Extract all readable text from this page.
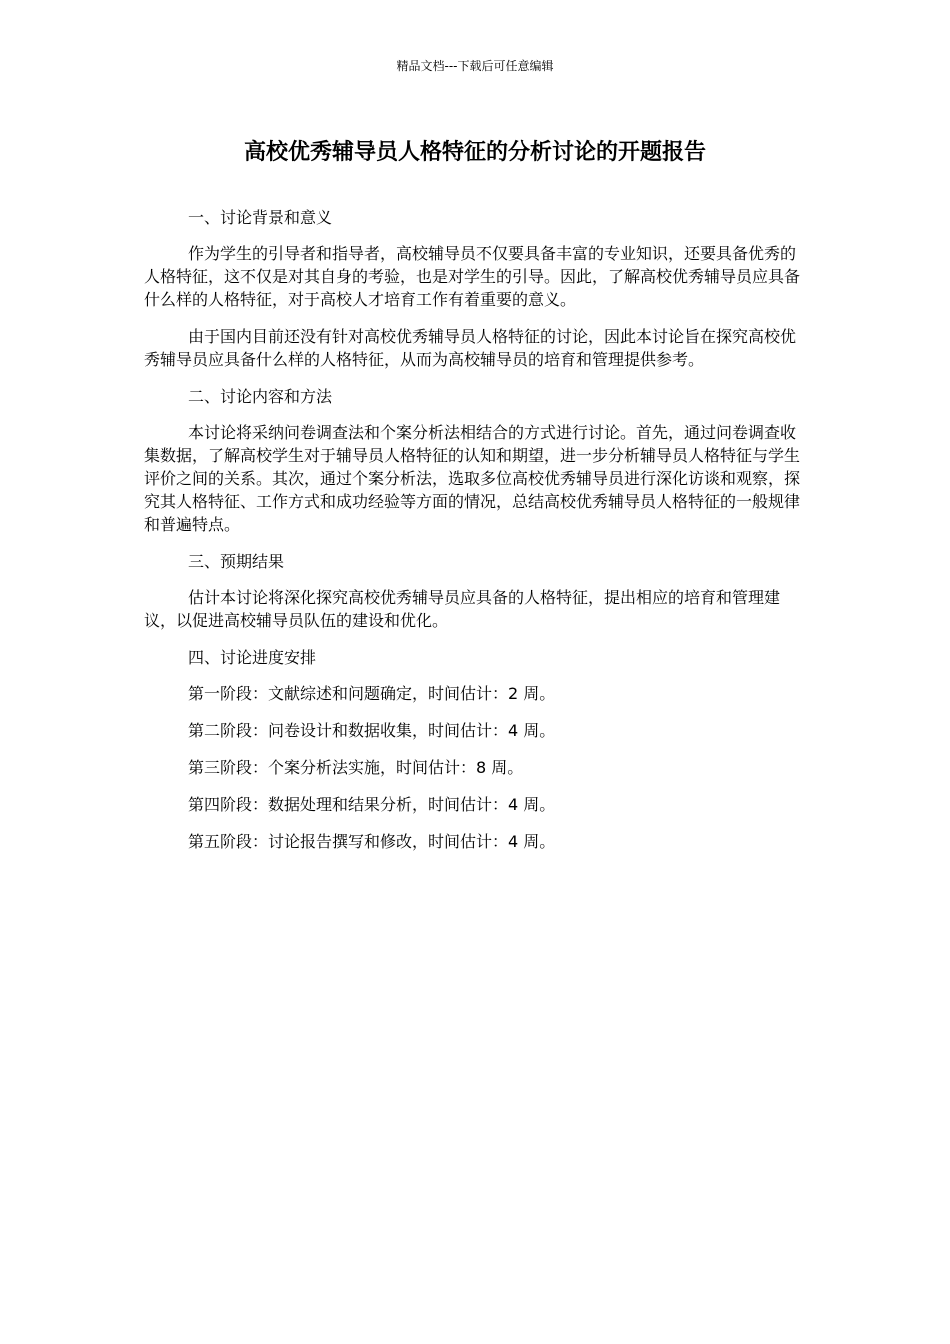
精品文档---下载后可任意编辑
高校优秀辅导员人格特征的分析讨论的开题报告

一、讨论背景和意义

作为学生的引导者和指导者，高校辅导员不仅要具备丰富的专业知识，还要具备优秀的人格特征，这不仅是对其自身的考验，也是对学生的引导。因此，了解高校优秀辅导员应具备什么样的人格特征，对于高校人才培育工作有着重要的意义。

由于国内目前还没有针对高校优秀辅导员人格特征的讨论，因此本讨论旨在探究高校优秀辅导员应具备什么样的人格特征，从而为高校辅导员的培育和管理提供参考。

二、讨论内容和方法

本讨论将采纳问卷调查法和个案分析法相结合的方式进行讨论。首先，通过问卷调查收集数据，了解高校学生对于辅导员人格特征的认知和期望，进一步分析辅导员人格特征与学生评价之间的关系。其次，通过个案分析法，选取多位高校优秀辅导员进行深化访谈和观察，探究其人格特征、工作方式和成功经验等方面的情况，总结高校优秀辅导员人格特征的一般规律和普遍特点。

三、预期结果

估计本讨论将深化探究高校优秀辅导员应具备的人格特征，提出相应的培育和管理建议，以促进高校辅导员队伍的建设和优化。

四、讨论进度安排

第一阶段：文献综述和问题确定，时间估计：2 周。

第二阶段：问卷设计和数据收集，时间估计：4 周。

第三阶段：个案分析法实施，时间估计：8 周。

第四阶段：数据处理和结果分析，时间估计：4 周。

第五阶段：讨论报告撰写和修改，时间估计：4 周。
